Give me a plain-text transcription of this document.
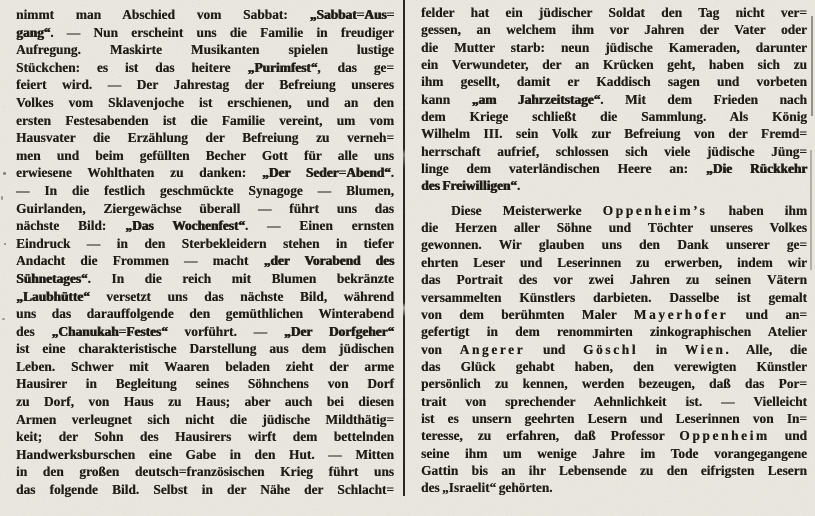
nimmt man Abschied vom Sabbat: „Sabbat=Aus=
gang“. — Nun erscheint uns die Familie in freudiger
Aufregung. Maskirte Musikanten spielen lustige
Stückchen: es ist das heitere „Purimfest“, das ge=
feiert wird. — Der Jahrestag der Befreiung unseres
Volkes vom Sklavenjoche ist erschienen, und an den
ersten Festesabenden ist die Familie vereint, um vom
Hausvater die Erzählung der Befreiung zu verneh=
men und beim gefüllten Becher Gott für alle uns
erwiesene Wohlthaten zu danken: „Der Seder=Abend“.
— In die festlich geschmückte Synagoge — Blumen,
Guirlanden, Ziergewächse überall — führt uns das
nächste Bild: „Das Wochenfest“. — Einen ernsten
Eindruck — in den Sterbekleidern stehen in tiefer
Andacht die Frommen — macht „der Vorabend des
Sühnetages“. In die reich mit Blumen bekränzte
„Laubhütte“ versetzt uns das nächste Bild, während
uns das darauffolgende den gemüthlichen Winterabend
des „Chanukah=Festes“ vorführt. — „Der Dorfgeher“
ist eine charakteristische Darstellung aus dem jüdischen
Leben. Schwer mit Waaren beladen zieht der arme
Hausirer in Begleitung seines Söhnchens von Dorf
zu Dorf, von Haus zu Haus; aber auch bei diesen
Armen verleugnet sich nicht die jüdische Mildthätig=
keit; der Sohn des Hausirers wirft dem bettelnden
Handwerksburschen eine Gabe in den Hut. — Mitten
in den großen deutsch=französischen Krieg führt uns
das folgende Bild. Selbst in der Nähe der Schlacht=
felder hat ein jüdischer Soldat den Tag nicht ver=
gessen, an welchem ihm vor Jahren der Vater oder
die Mutter starb: neun jüdische Kameraden, darunter
ein Verwundeter, der an Krücken geht, haben sich zu
ihm gesellt, damit er Kaddisch sagen und vorbeten
kann „am Jahrzeitstage“. Mit dem Frieden nach
dem Kriege schließt die Sammlung. Als König
Wilhelm III. sein Volk zur Befreiung von der Fremd=
herrschaft aufrief, schlossen sich viele jüdische Jüng=
linge dem vaterländischen Heere an: „Die Rückkehr
des Freiwilligen“.
Diese Meisterwerke Oppenheim’s haben ihm
die Herzen aller Söhne und Töchter unseres Volkes
gewonnen. Wir glauben uns den Dank unserer ge=
ehrten Leser und Leserinnen zu erwerben, indem wir
das Portrait des vor zwei Jahren zu seinen Vätern
versammelten Künstlers darbieten. Dasselbe ist gemalt
von dem berühmten Maler Mayerhofer und an=
gefertigt in dem renommirten zinkographischen Atelier
von Angerer und Göschl in Wien. Alle, die
das Glück gehabt haben, den verewigten Künstler
persönlich zu kennen, werden bezeugen, daß das Por=
trait von sprechender Aehnlichkeit ist. — Vielleicht
ist es unsern geehrten Lesern und Leserinnen von In=
teresse, zu erfahren, daß Professor Oppenheim und
seine ihm um wenige Jahre im Tode vorangegangene
Gattin bis an ihr Lebensende zu den eifrigsten Lesern
des „Israelit“ gehörten.
